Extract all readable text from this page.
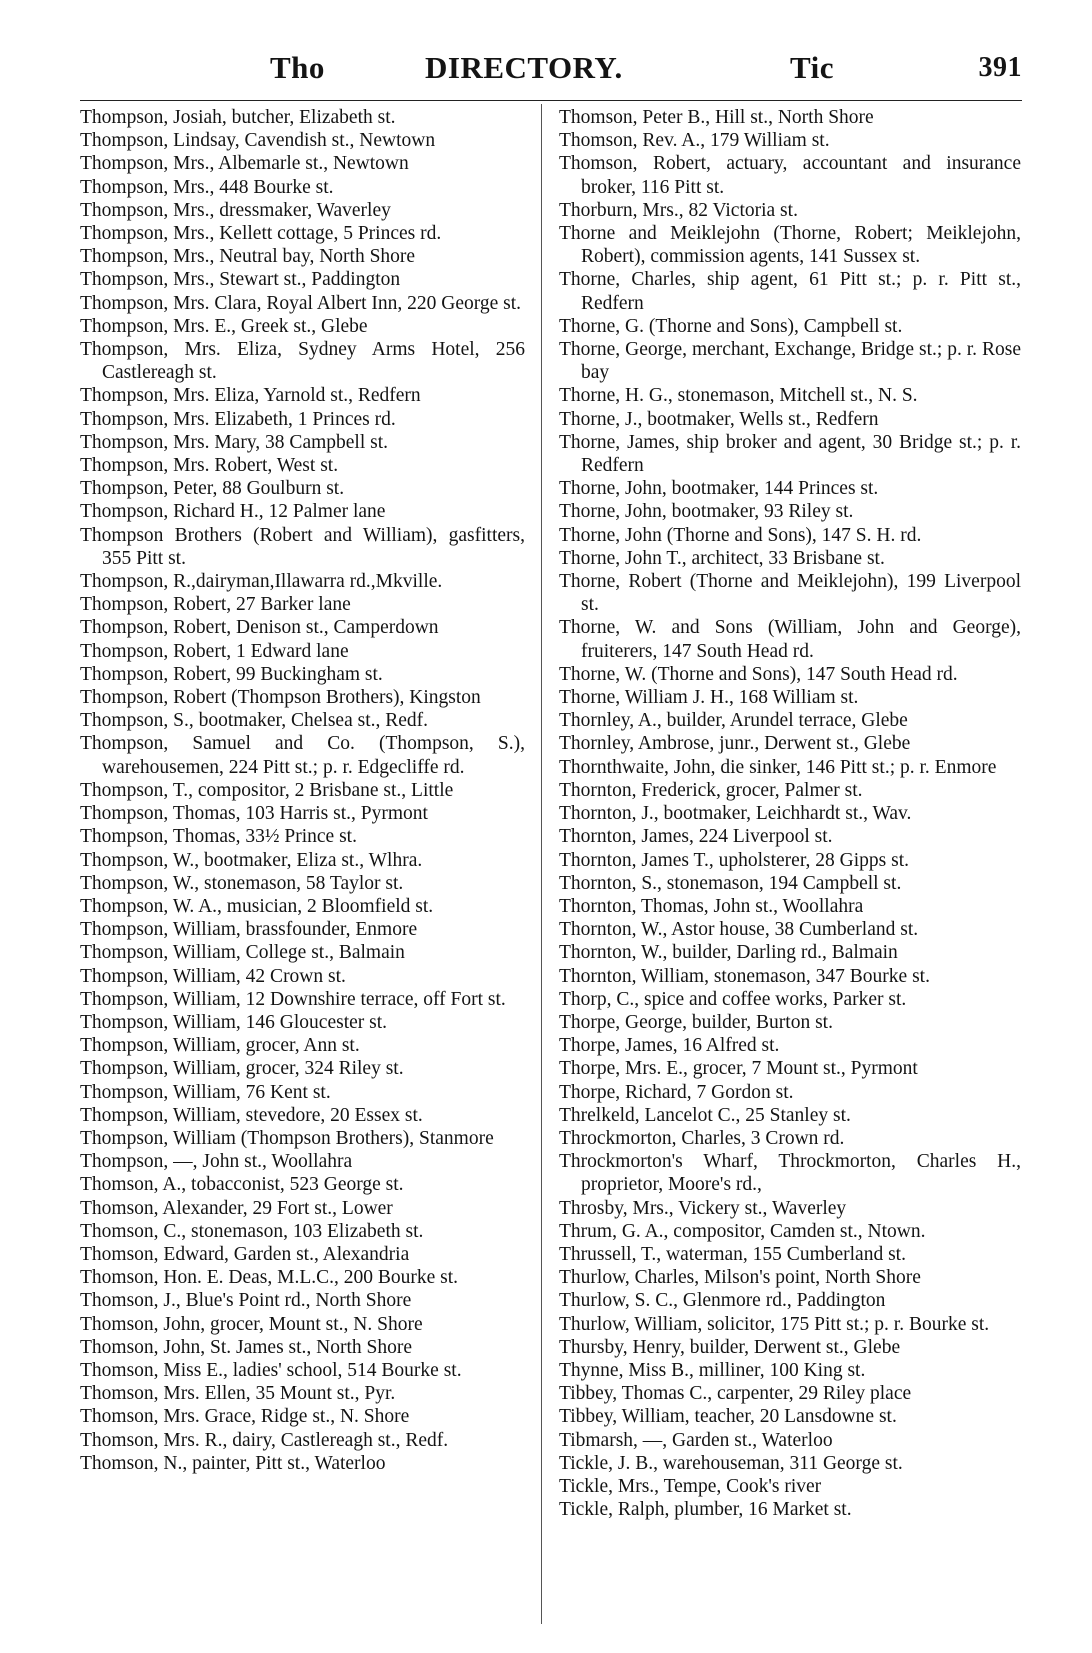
Tho	DIRECTORY.	Tic	391
Thompson, Josiah, butcher, Elizabeth st.
Thompson, Lindsay, Cavendish st., Newtown
Thompson, Mrs., Albemarle st., Newtown
Thompson, Mrs., 448 Bourke st.
Thompson, Mrs., dressmaker, Waverley
Thompson, Mrs., Kellett cottage, 5 Princes rd.
Thompson, Mrs., Neutral bay, North Shore
Thompson, Mrs., Stewart st., Paddington
Thompson, Mrs. Clara, Royal Albert Inn, 220 George st.
Thompson, Mrs. E., Greek st., Glebe
Thompson, Mrs. Eliza, Sydney Arms Hotel, 256 Castlereagh st.
Thompson, Mrs. Eliza, Yarnold st., Redfern
Thompson, Mrs. Elizabeth, 1 Princes rd.
Thompson, Mrs. Mary, 38 Campbell st.
Thompson, Mrs. Robert, West st.
Thompson, Peter, 88 Goulburn st.
Thompson, Richard H., 12 Palmer lane
Thompson Brothers (Robert and William), gasfitters, 355 Pitt st.
Thompson, R.,dairyman,Illawarra rd.,Mkville.
Thompson, Robert, 27 Barker lane
Thompson, Robert, Denison st., Camperdown
Thompson, Robert, 1 Edward lane
Thompson, Robert, 99 Buckingham st.
Thompson, Robert (Thompson Brothers), Kingston
Thompson, S., bootmaker, Chelsea st., Redf.
Thompson, Samuel and Co. (Thompson, S.), warehousemen, 224 Pitt st.; p. r. Edgecliffe rd.
Thompson, T., compositor, 2 Brisbane st., Little
Thompson, Thomas, 103 Harris st., Pyrmont
Thompson, Thomas, 33½ Prince st.
Thompson, W., bootmaker, Eliza st., Wlhra.
Thompson, W., stonemason, 58 Taylor st.
Thompson, W. A., musician, 2 Bloomfield st.
Thompson, William, brassfounder, Enmore
Thompson, William, College st., Balmain
Thompson, William, 42 Crown st.
Thompson, William, 12 Downshire terrace, off Fort st.
Thompson, William, 146 Gloucester st.
Thompson, William, grocer, Ann st.
Thompson, William, grocer, 324 Riley st.
Thompson, William, 76 Kent st.
Thompson, William, stevedore, 20 Essex st.
Thompson, William (Thompson Brothers), Stanmore
Thompson, —, John st., Woollahra
Thomson, A., tobacconist, 523 George st.
Thomson, Alexander, 29 Fort st., Lower
Thomson, C., stonemason, 103 Elizabeth st.
Thomson, Edward, Garden st., Alexandria
Thomson, Hon. E. Deas, M.L.C., 200 Bourke st.
Thomson, J., Blue's Point rd., North Shore
Thomson, John, grocer, Mount st., N. Shore
Thomson, John, St. James st., North Shore
Thomson, Miss E., ladies' school, 514 Bourke st.
Thomson, Mrs. Ellen, 35 Mount st., Pyr.
Thomson, Mrs. Grace, Ridge st., N. Shore
Thomson, Mrs. R., dairy, Castlereagh st., Redf.
Thomson, N., painter, Pitt st., Waterloo
Thomson, Peter B., Hill st., North Shore
Thomson, Rev. A., 179 William st.
Thomson, Robert, actuary, accountant and insurance broker, 116 Pitt st.
Thorburn, Mrs., 82 Victoria st.
Thorne and Meiklejohn (Thorne, Robert; Meiklejohn, Robert), commission agents, 141 Sussex st.
Thorne, Charles, ship agent, 61 Pitt st.; p. r. Pitt st., Redfern
Thorne, G. (Thorne and Sons), Campbell st.
Thorne, George, merchant, Exchange, Bridge st.; p. r. Rose bay
Thorne, H. G., stonemason, Mitchell st., N. S.
Thorne, J., bootmaker, Wells st., Redfern
Thorne, James, ship broker and agent, 30 Bridge st.; p. r. Redfern
Thorne, John, bootmaker, 144 Princes st.
Thorne, John, bootmaker, 93 Riley st.
Thorne, John (Thorne and Sons), 147 S. H. rd.
Thorne, John T., architect, 33 Brisbane st.
Thorne, Robert (Thorne and Meiklejohn), 199 Liverpool st.
Thorne, W. and Sons (William, John and George), fruiterers, 147 South Head rd.
Thorne, W. (Thorne and Sons), 147 South Head rd.
Thorne, William J. H., 168 William st.
Thornley, A., builder, Arundel terrace, Glebe
Thornley, Ambrose, junr., Derwent st., Glebe
Thornthwaite, John, die sinker, 146 Pitt st.; p. r. Enmore
Thornton, Frederick, grocer, Palmer st.
Thornton, J., bootmaker, Leichhardt st., Wav.
Thornton, James, 224 Liverpool st.
Thornton, James T., upholsterer, 28 Gipps st.
Thornton, S., stonemason, 194 Campbell st.
Thornton, Thomas, John st., Woollahra
Thornton, W., Astor house, 38 Cumberland st.
Thornton, W., builder, Darling rd., Balmain
Thornton, William, stonemason, 347 Bourke st.
Thorp, C., spice and coffee works, Parker st.
Thorpe, George, builder, Burton st.
Thorpe, James, 16 Alfred st.
Thorpe, Mrs. E., grocer, 7 Mount st., Pyrmont
Thorpe, Richard, 7 Gordon st.
Threlkeld, Lancelot C., 25 Stanley st.
Throckmorton, Charles, 3 Crown rd.
Throckmorton's Wharf, Throckmorton, Charles H., proprietor, Moore's rd.,
Throsby, Mrs., Vickery st., Waverley
Thrum, G. A., compositor, Camden st., Ntown.
Thrussell, T., waterman, 155 Cumberland st.
Thurlow, Charles, Milson's point, North Shore
Thurlow, S. C., Glenmore rd., Paddington
Thurlow, William, solicitor, 175 Pitt st.; p. r. Bourke st.
Thursby, Henry, builder, Derwent st., Glebe
Thynne, Miss B., milliner, 100 King st.
Tibbey, Thomas C., carpenter, 29 Riley place
Tibbey, William, teacher, 20 Lansdowne st.
Tibmarsh, —, Garden st., Waterloo
Tickle, J. B., warehouseman, 311 George st.
Tickle, Mrs., Tempe, Cook's river
Tickle, Ralph, plumber, 16 Market st.
